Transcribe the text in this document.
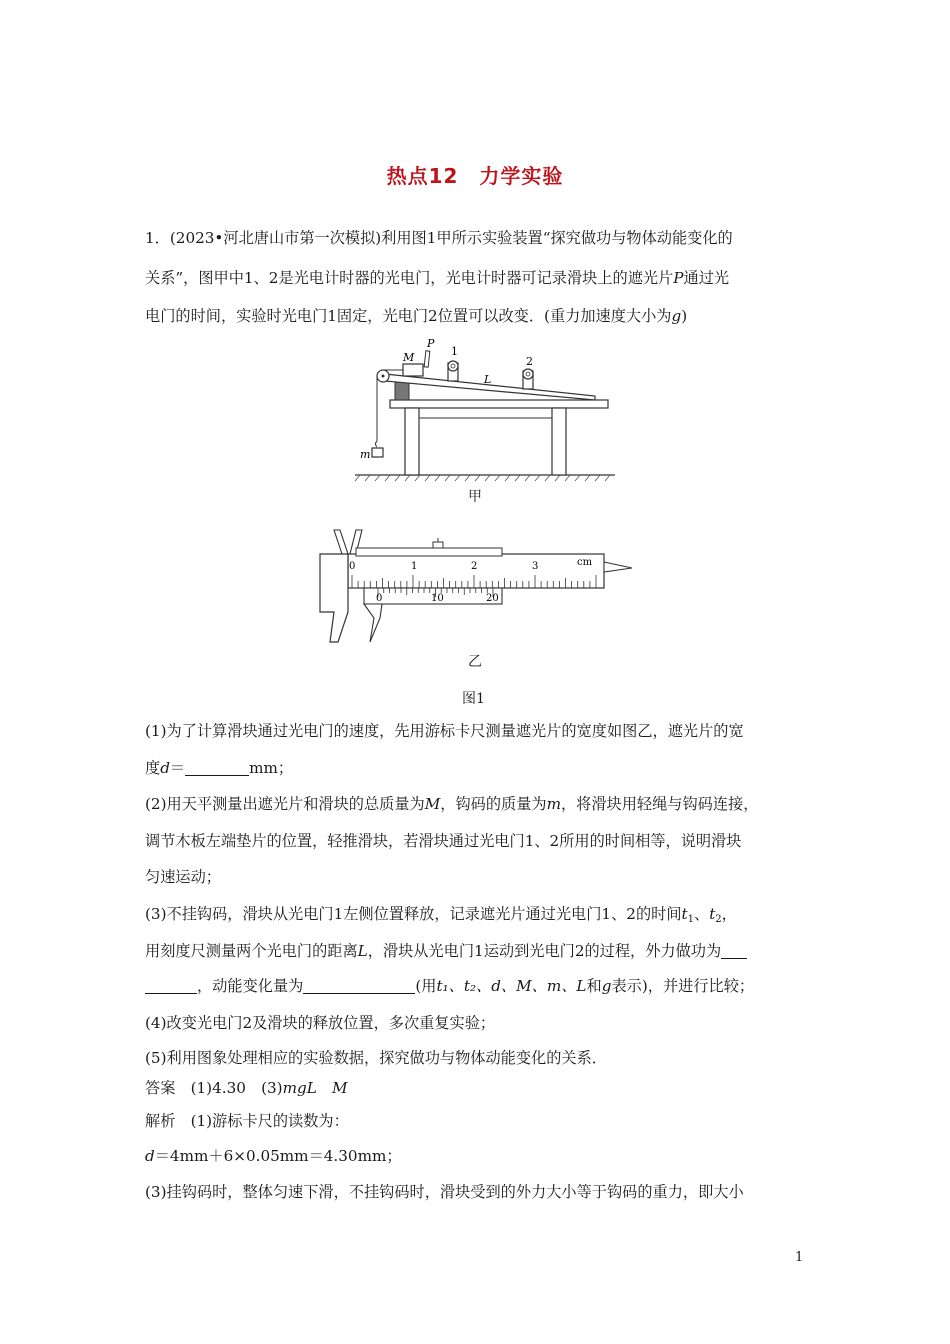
热点12　力学实验
1．(2023•河北唐山市第一次模拟)利用图1甲所示实验装置“探究做功与物体动能变化的
关系”，图甲中1、2是光电计时器的光电门，光电计时器可记录滑块上的遮光片P通过光
电门的时间，实验时光电门1固定，光电门2位置可以改变．(重力加速度大小为g)
M
P
1
2
L
m
甲
0	1	2	3	cm
0	10	20
乙
图1
(1)为了计算滑块通过光电门的速度，先用游标卡尺测量遮光片的宽度如图乙，遮光片的宽
度d＝	mm；
(2)用天平测量出遮光片和滑块的总质量为M，钩码的质量为m，将滑块用轻绳与钩码连接，
调节木板左端垫片的位置，轻推滑块，若滑块通过光电门1、2所用的时间相等，说明滑块
匀速运动；
(3)不挂钩码，滑块从光电门1左侧位置释放，记录遮光片通过光电门1、2的时间$t_1$、$t_2$，
用刻度尺测量两个光电门的距离L，滑块从光电门1运动到光电门2的过程，外力做功为
，动能变化量为	(用t₁、t₂、d、M、m、L和g表示)，并进行比较；
(4)改变光电门2及滑块的释放位置，多次重复实验；
(5)利用图象处理相应的实验数据，探究做功与物体动能变化的关系．
答案　 (1)4.30　 (3)mgL　 M
解析　 (1)游标卡尺的读数为：
d＝4mm＋6×0.05mm＝4.30mm；
(3)挂钩码时，整体匀速下滑，不挂钩码时，滑块受到的外力大小等于钩码的重力，即大小
1
